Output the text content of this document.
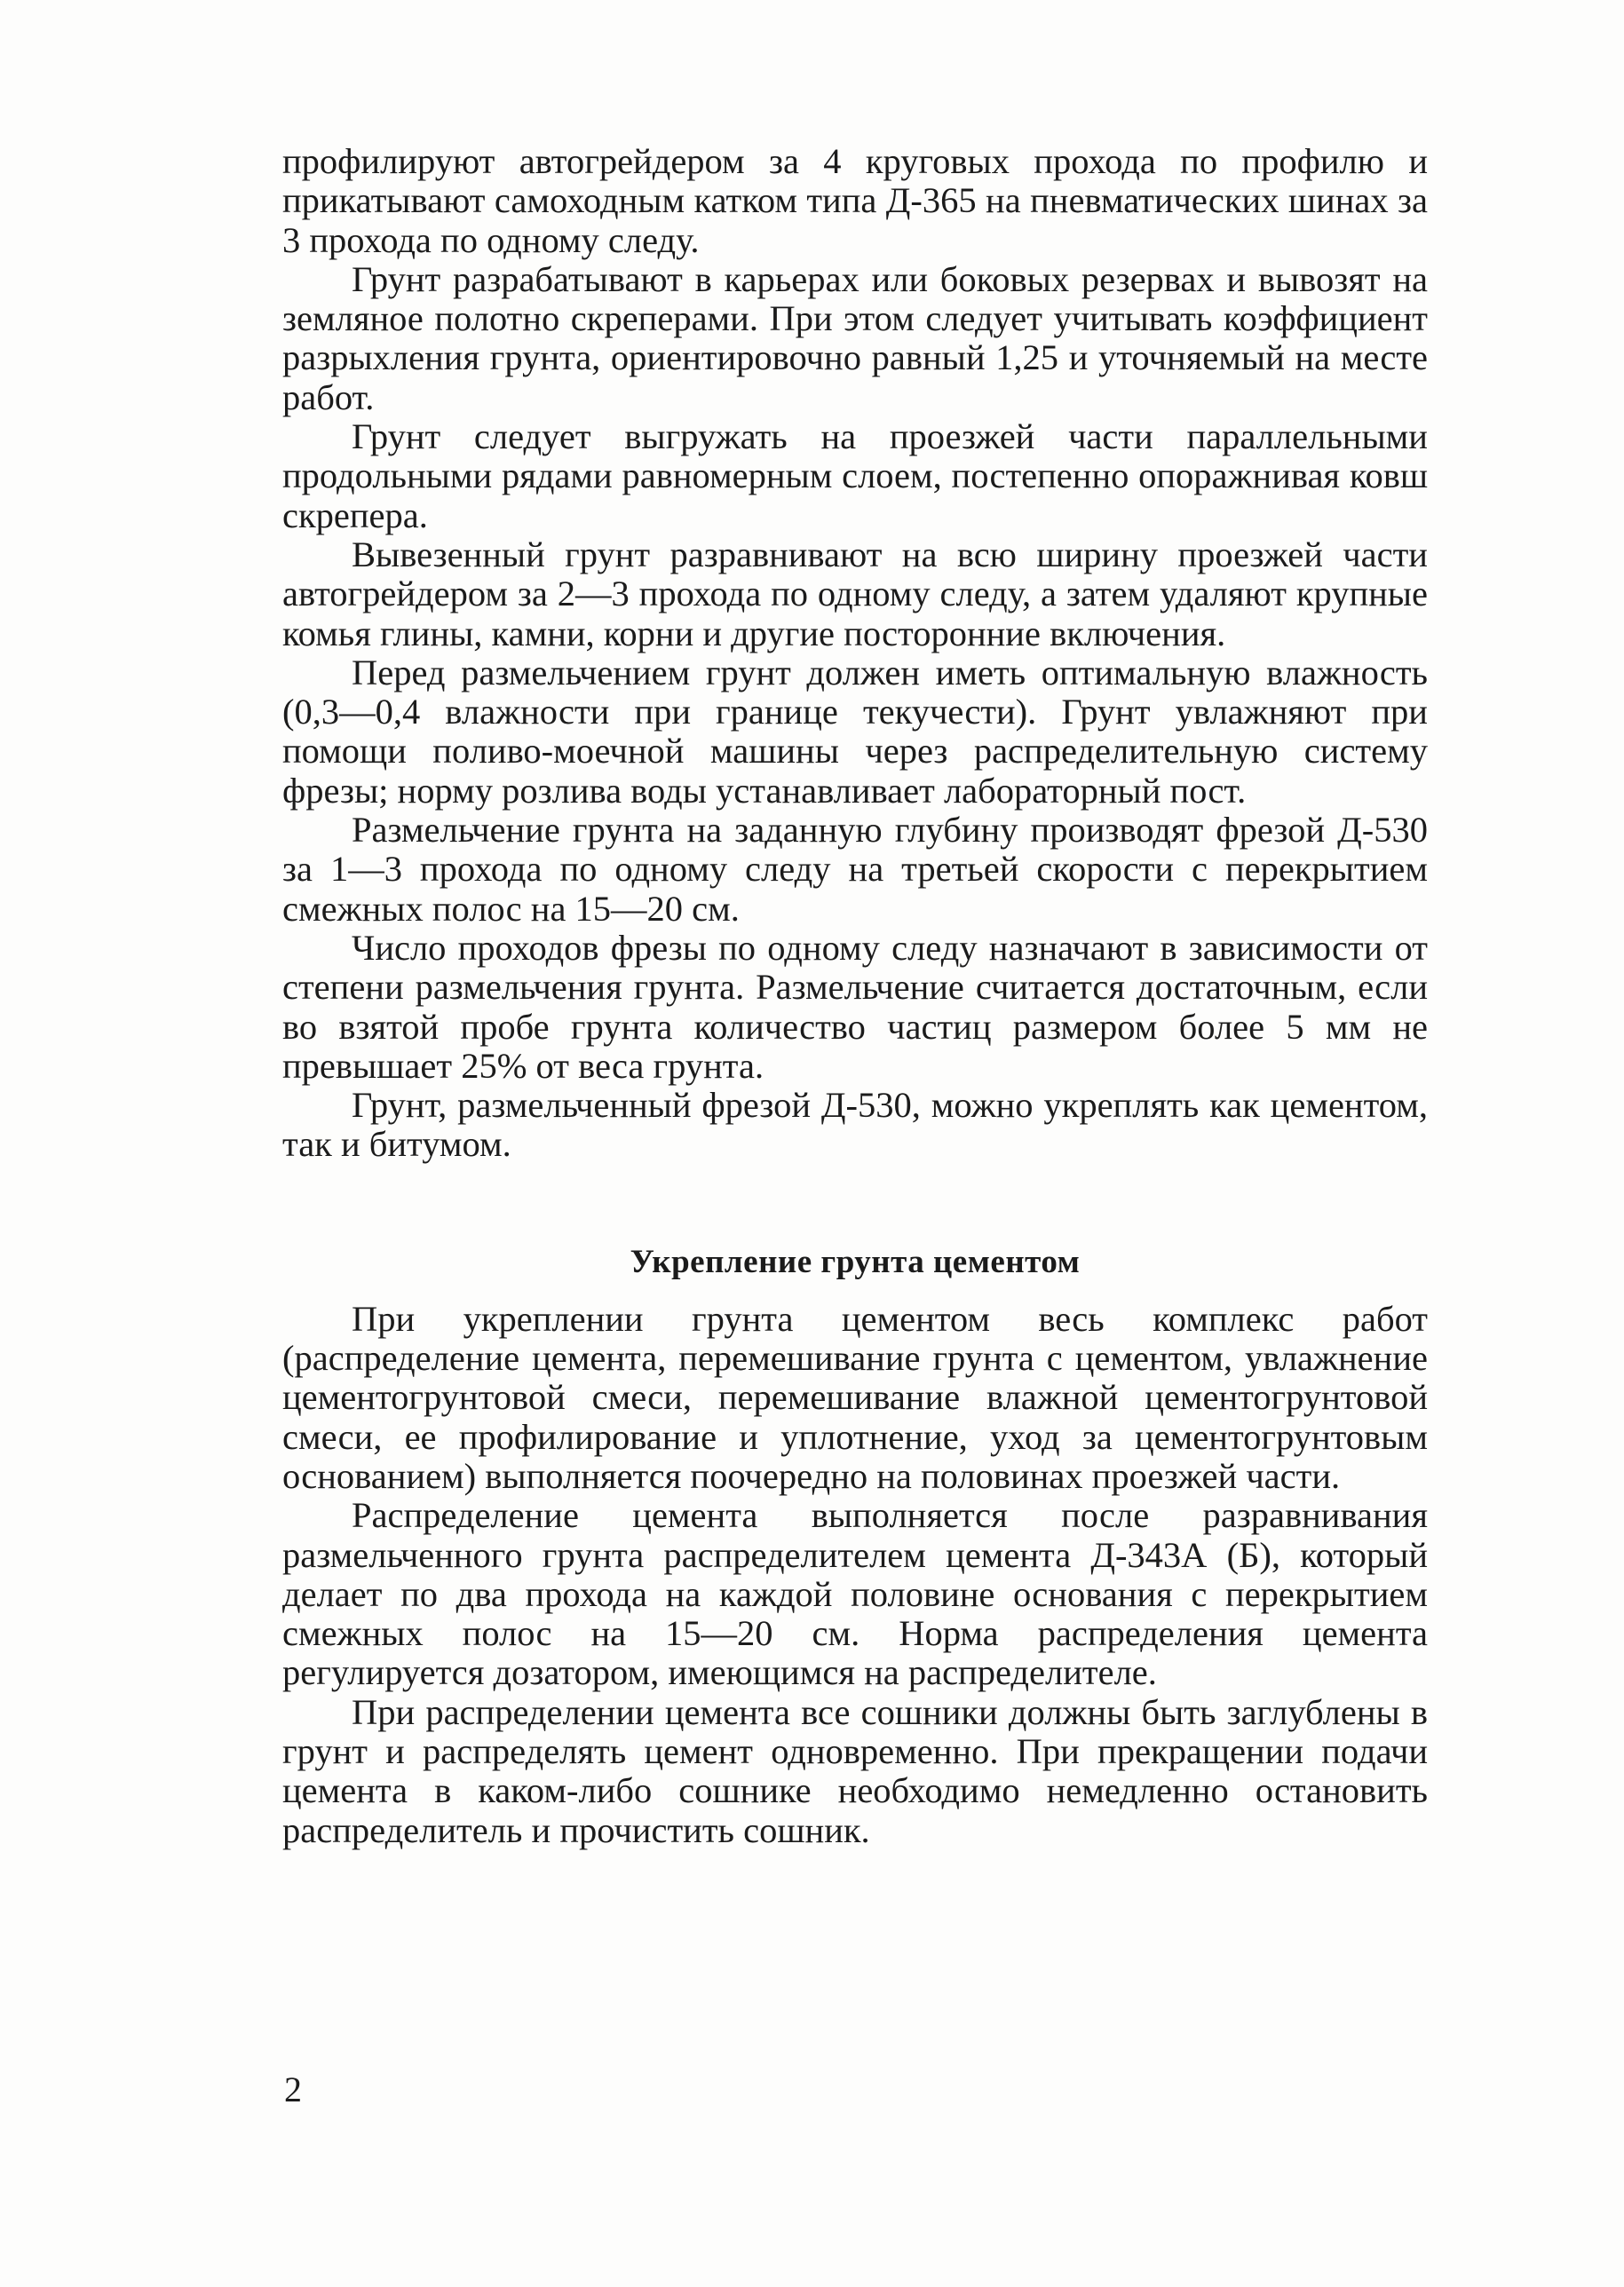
профилируют автогрейдером за 4 круговых прохода по профилю и прикатывают самоходным катком типа Д-365 на пневматических шинах за 3 прохода по одному следу.

Грунт разрабатывают в карьерах или боковых резервах и вывозят на земляное полотно скреперами. При этом следует учитывать коэффициент разрыхления грунта, ориентировочно равный 1,25 и уточняемый на месте работ.

Грунт следует выгружать на проезжей части параллельными продольными рядами равномерным слоем, постепенно опоражнивая ковш скрепера.

Вывезенный грунт разравнивают на всю ширину проезжей части автогрейдером за 2—3 прохода по одному следу, а затем удаляют крупные комья глины, камни, корни и другие посторонние включения.

Перед размельчением грунт должен иметь оптимальную влажность (0,3—0,4 влажности при границе текучести). Грунт увлажняют при помощи поливо-моечной машины через распределительную систему фрезы; норму розлива воды устанавливает лабораторный пост.

Размельчение грунта на заданную глубину производят фрезой Д-530 за 1—3 прохода по одному следу на третьей скорости с перекрытием смежных полос на 15—20 см.

Число проходов фрезы по одному следу назначают в зависимости от степени размельчения грунта. Размельчение считается достаточным, если во взятой пробе грунта количество частиц размером более 5 мм не превышает 25% от веса грунта.

Грунт, размельченный фрезой Д-530, можно укреплять как цементом, так и битумом.

Укрепление грунта цементом

При укреплении грунта цементом весь комплекс работ (распределение цемента, перемешивание грунта с цементом, увлажнение цементогрунтовой смеси, перемешивание влажной цементогрунтовой смеси, ее профилирование и уплотнение, уход за цементогрунтовым основанием) выполняется поочередно на половинах проезжей части.

Распределение цемента выполняется после разравнивания размельченного грунта распределителем цемента Д-343А (Б), который делает по два прохода на каждой половине основания с перекрытием смежных полос на 15—20 см. Норма распределения цемента регулируется дозатором, имеющимся на распределителе.

При распределении цемента все сошники должны быть заглублены в грунт и распределять цемент одновременно. При прекращении подачи цемента в каком-либо сошнике необходимо немедленно остановить распределитель и прочистить сошник.

2
